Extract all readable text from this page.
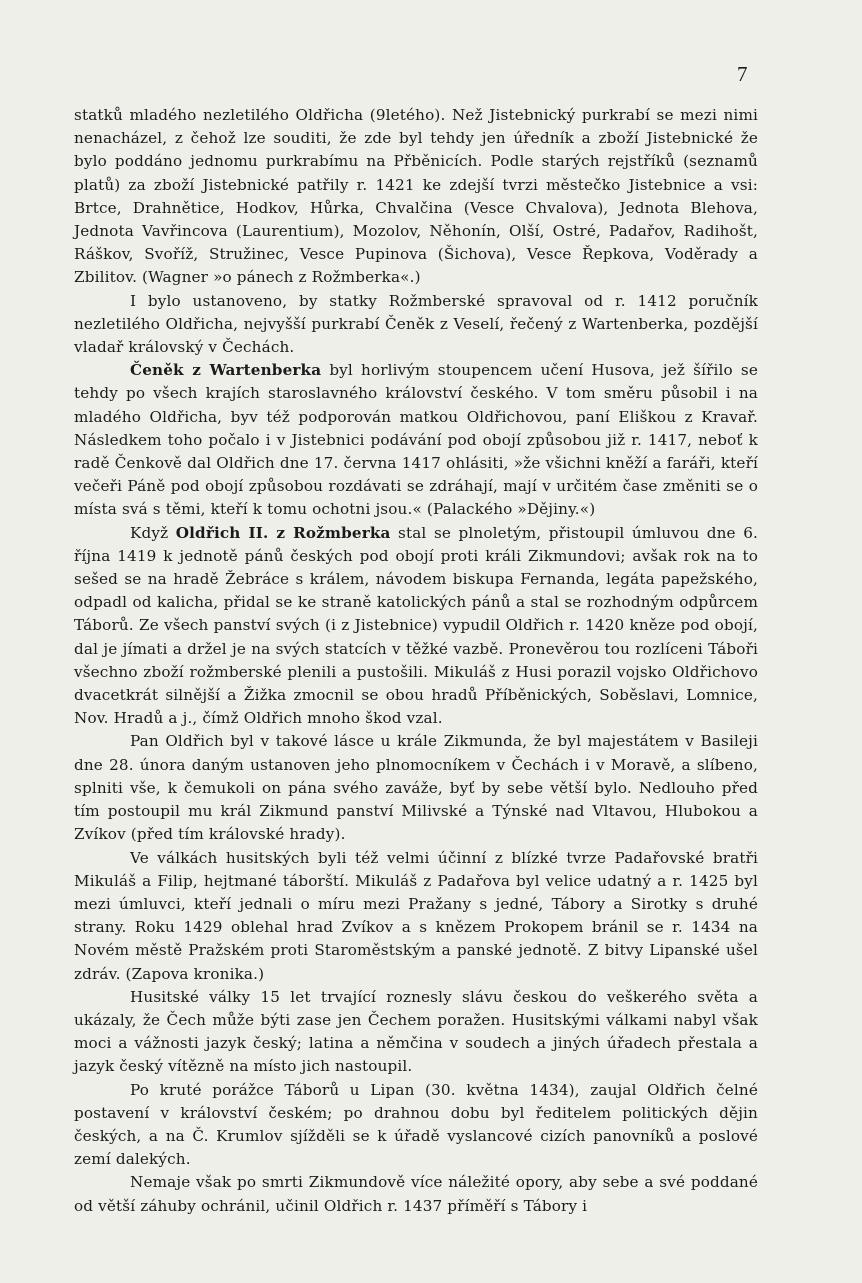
7

statků mladého nezletilého Oldřicha (9letého). Než Jistebnický purkrabí se mezi nimi nenacházel, z čehož lze souditi, že zde byl tehdy jen úředník a zboží Jistebnické že bylo poddáno jednomu purkrabímu na Přběnicích. Podle starých rejstříků (seznamů platů) za zboží Jistebnické patřily r. 1421 ke zdejší tvrzi městečko Jistebnice a vsi: Brtce, Drahnětice, Hodkov, Hůrka, Chvalčina (Vesce Chvalova), Jednota Blehova, Jednota Vavřincova (Laurentium), Mozolov, Něhonín, Olší, Ostré, Padařov, Radihošt, Ráškov, Svoříž, Stružinec, Vesce Pupinova (Šichova), Vesce Řepkova, Voděrady a Zbilitov. (Wagner »o pánech z Rožmberka«.)

I bylo ustanoveno, by statky Rožmberské spravoval od r. 1412 poručník nezletilého Oldřicha, nejvyšší purkrabí Čeněk z Veselí, řečený z Wartenberka, pozdější vladař královský v Čechách.

Čeněk z Wartenberka byl horlivým stoupencem učení Husova, jež šířilo se tehdy po všech krajích staroslavného království českého. V tom směru působil i na mladého Oldřicha, byv též podporován matkou Oldřichovou, paní Eliškou z Kravař. Následkem toho počalo i v Jistebnici podávání pod obojí způsobou již r. 1417, neboť k radě Čenkově dal Oldřich dne 17. června 1417 ohlásiti, »že všichni kněží a faráři, kteří večeři Páně pod obojí způsobou rozdávati se zdráhají, mají v určitém čase změniti se o místa svá s těmi, kteří k tomu ochotni jsou.« (Palackého »Dějiny.«)

Když Oldřich II. z Rožmberka stal se plnoletým, přistoupil úmluvou dne 6. října 1419 k jednotě pánů českých pod obojí proti králi Zikmundovi; avšak rok na to sešed se na hradě Žebráce s králem, návodem biskupa Fernanda, legáta papežského, odpadl od kalicha, přidal se ke straně katolických pánů a stal se rozhodným odpůrcem Táborů. Ze všech panství svých (i z Jistebnice) vypudil Oldřich r. 1420 kněze pod obojí, dal je jímati a držel je na svých statcích v těžké vazbě. Pronevěrou tou rozlíceni Táboři všechno zboží rožmberské plenili a pustošili. Mikuláš z Husi porazil vojsko Oldřichovo dvacetkrát silnější a Žižka zmocnil se obou hradů Příběnických, Soběslavi, Lomnice, Nov. Hradů a j., čímž Oldřich mnoho škod vzal.

Pan Oldřich byl v takové lásce u krále Zikmunda, že byl majestátem v Basileji dne 28. února daným ustanoven jeho plnomocníkem v Čechách i v Moravě, a slíbeno, splniti vše, k čemukoli on pána svého zaváže, byť by sebe větší bylo. Nedlouho před tím postoupil mu král Zikmund panství Milivské a Týnské nad Vltavou, Hlubokou a Zvíkov (před tím královské hrady).

Ve válkách husitských byli též velmi účinní z blízké tvrze Padařovské bratři Mikuláš a Filip, hejtmané táborští. Mikuláš z Padařova byl velice udatný a r. 1425 byl mezi úmluvci, kteří jednali o míru mezi Pražany s jedné, Tábory a Sirotky s druhé strany. Roku 1429 oblehal hrad Zvíkov a s knězem Prokopem bránil se r. 1434 na Novém městě Pražském proti Staroměstským a panské jednotě. Z bitvy Lipanské ušel zdráv. (Zapova kronika.)

Husitské války 15 let trvající roznesly slávu českou do veškerého světa a ukázaly, že Čech může býti zase jen Čechem poražen. Husitskými válkami nabyl však moci a vážnosti jazyk český; latina a němčina v soudech a jiných úřadech přestala a jazyk český vítězně na místo jich nastoupil.

Po kruté porážce Táborů u Lipan (30. května 1434), zaujal Oldřich čelné postavení v království českém; po drahnou dobu byl ředitelem politických dějin českých, a na Č. Krumlov sjížděli se k úřadě vyslancové cizích panovníků a poslové zemí dalekých.

Nemaje však po smrti Zikmundově více náležité opory, aby sebe a své poddané od větší záhuby ochránil, učinil Oldřich r. 1437 příměří s Tábory i
